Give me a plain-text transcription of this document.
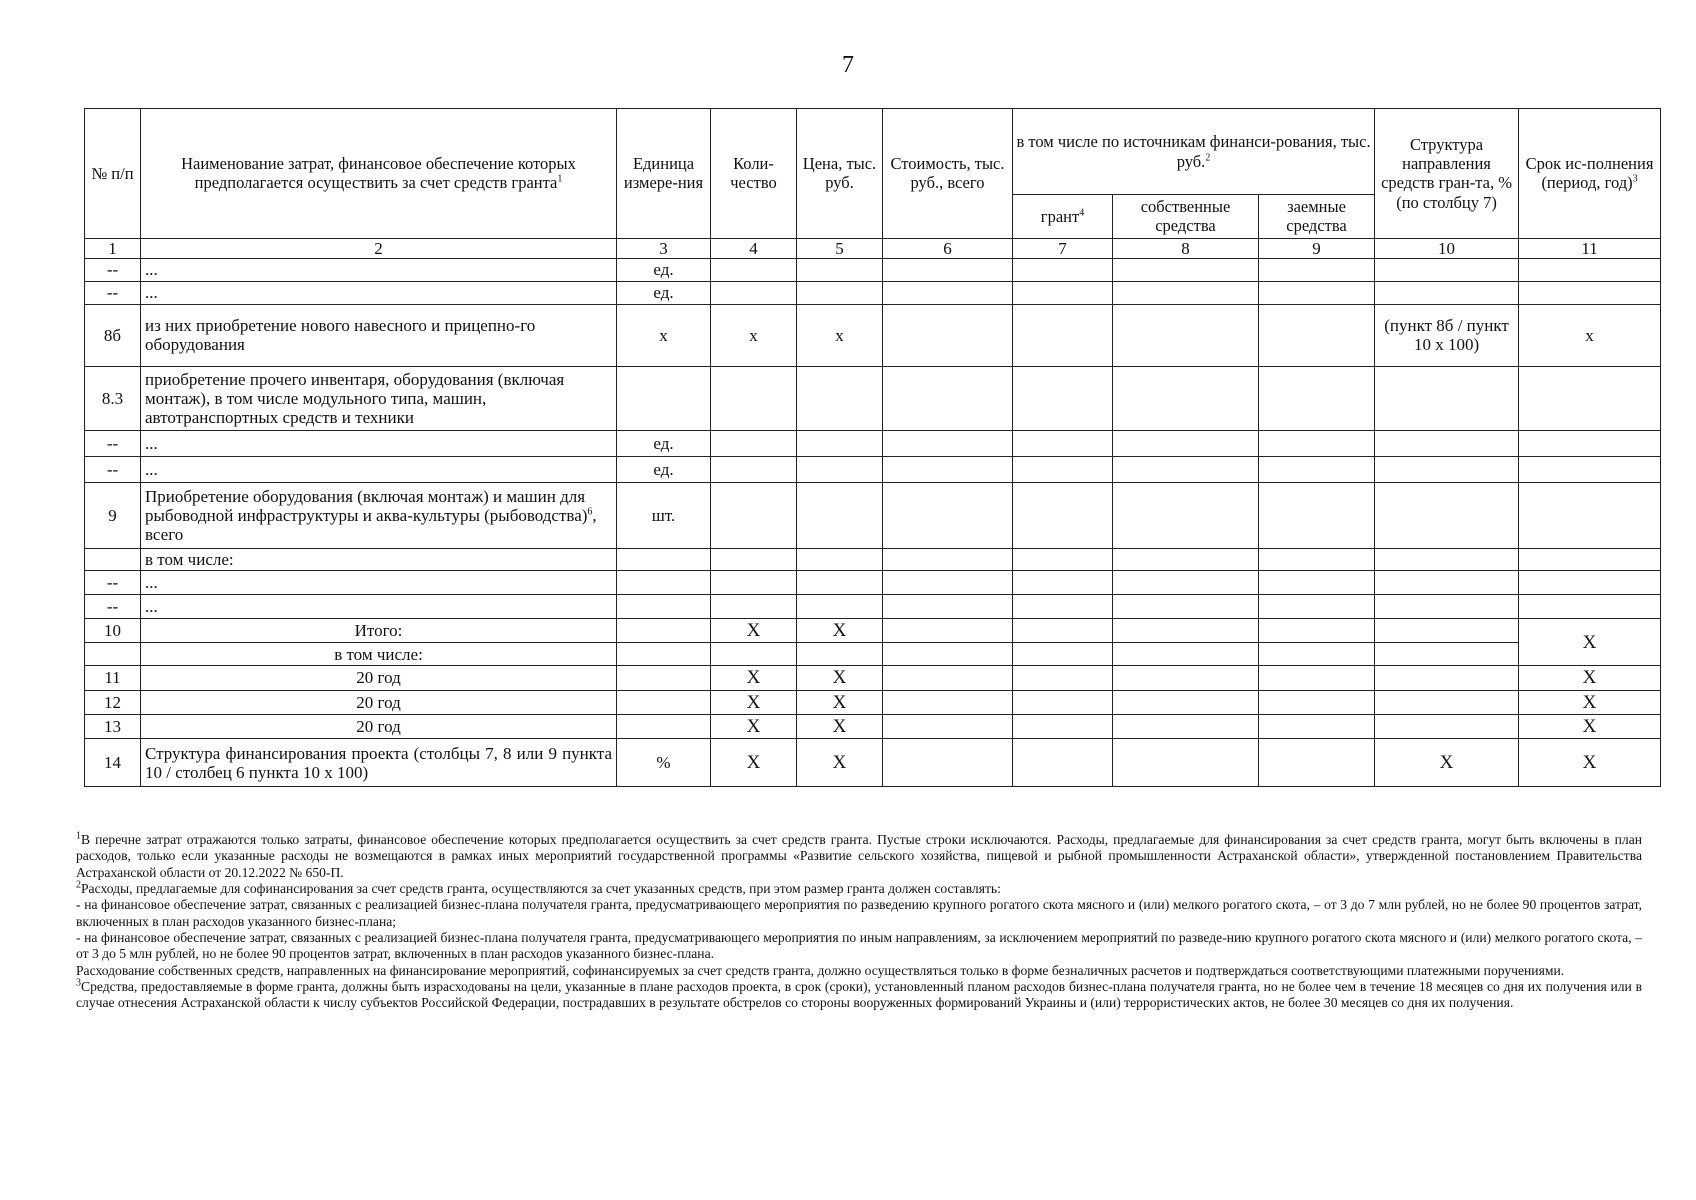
7
№ п/п	Наименование затрат, финансовое обеспечение которых предполагается осуществить за счет средств гранта$^1$	Единица измере-ния	Коли-чество	Цена, тыс. руб.	Стоимость, тыс. руб., всего	в том числе по источникам финанси-рования, тыс. руб.$^2$			Структура направления средств гран-та, % (по столбцу 7)	Срок ис-полнения (период, год)$^3$
						грант$^4$	собственные средства	заемные средства		
1	2	3	4	5	6	7	8	9	10	11
--	...	ед.								
--	...	ед.								
8б	из них приобретение нового навесного и прицепно-го оборудования	х	х	х					(пункт 8б / пункт 10 х 100)	х
8.3	приобретение прочего инвентаря, оборудования (включая монтаж), в том числе модульного типа, машин, автотранспортных средств и техники									
--	...	ед.								
--	...	ед.								
9	Приобретение оборудования (включая монтаж) и машин для рыбоводной инфраструктуры и аква-культуры (рыбоводства)$^6$, всего	шт.								
	в том числе:									
--	...									
--	...									
10	Итого:		Х	Х						Х
	в том числе:									
11	20 год		Х	Х						Х
12	20 год		Х	Х						Х
13	20 год		Х	Х						Х
14	Структура финансирования проекта (столбцы 7, 8 или 9 пункта 10 / столбец 6 пункта 10 х 100)	%	Х	Х					Х	Х

$^1$В перечне затрат отражаются только затраты, финансовое обеспечение которых предполагается осуществить за счет средств гранта. Пустые строки исключаются. Расходы, предлагаемые для финансирования за счет средств гранта, могут быть включены в план расходов, только если указанные расходы не возмещаются в рамках иных мероприятий государственной программы «Развитие сельского хозяйства, пищевой и рыбной промышленности Астраханской области», утвержденной постановлением Правительства Астраханской области от 20.12.2022 № 650-П.

$^2$Расходы, предлагаемые для софинансирования за счет средств гранта, осуществляются за счет указанных средств, при этом размер гранта должен составлять:

- на финансовое обеспечение затрат, связанных с реализацией бизнес-плана получателя гранта, предусматривающего мероприятия по разведению крупного рогатого скота мясного и (или) мелкого рогатого скота, – от 3 до 7 млн рублей, но не более 90 процентов затрат, включенных в план расходов указанного бизнес-плана;

- на финансовое обеспечение затрат, связанных с реализацией бизнес-плана получателя гранта, предусматривающего мероприятия по иным направлениям, за исключением мероприятий по разведе-нию крупного рогатого скота мясного и (или) мелкого рогатого скота, – от 3 до 5 млн рублей, но не более 90 процентов затрат, включенных в план расходов указанного бизнес-плана.

Расходование собственных средств, направленных на финансирование мероприятий, софинансируемых за счет средств гранта, должно осуществляться только в форме безналичных расчетов и подтверждаться соответствующими платежными поручениями.

$^3$Средства, предоставляемые в форме гранта, должны быть израсходованы на цели, указанные в плане расходов проекта, в срок (сроки), установленный планом расходов бизнес-плана получателя гранта, но не более чем в течение 18 месяцев со дня их получения или в случае отнесения Астраханской области к числу субъектов Российской Федерации, пострадавших в результате обстрелов со стороны вооруженных формирований Украины и (или) террористических актов, не более 30 месяцев со дня их получения.
